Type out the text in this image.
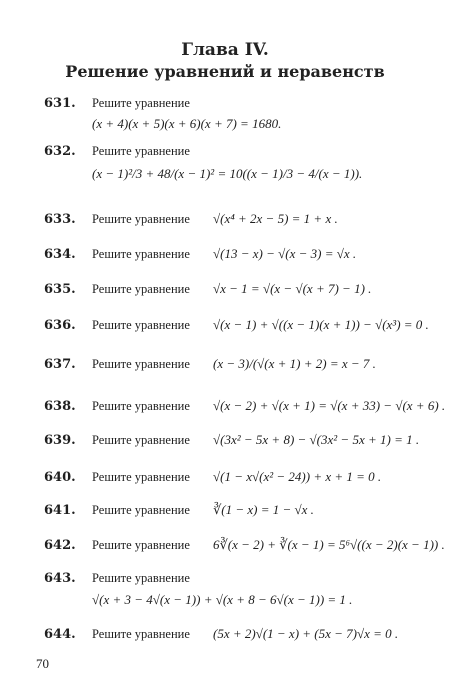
Глава IV.
Решение уравнений и неравенств
631. Решите уравнение
(x + 4)(x + 5)(x + 6)(x + 7) = 1680.
632. Решите уравнение
(x − 1)²/3 + 48/(x − 1)² = 10((x − 1)/3 − 4/(x − 1)).
633. Решите уравнение √(x⁴ + 2x − 5) = 1 + x .
634. Решите уравнение √(13 − x) − √(x − 3) = √x .
635. Решите уравнение √x − 1 = √(x − √(x + 7) − 1) .
636. Решите уравнение √(x − 1) + √((x − 1)(x + 1)) − √(x³) = 0 .
637. Решите уравнение (x − 3)/(√(x + 1) + 2) = x − 7 .
638. Решите уравнение √(x − 2) + √(x + 1) = √(x + 33) − √(x + 6) .
639. Решите уравнение √(3x² − 5x + 8) − √(3x² − 5x + 1) = 1 .
640. Решите уравнение √(1 − x√(x² − 24)) + x + 1 = 0 .
641. Решите уравнение ∛(1 − x) = 1 − √x .
642. Решите уравнение 6∛(x − 2) + ∛(x − 1) = 5⁶√((x − 2)(x − 1)) .
643. Решите уравнение
√(x + 3 − 4√(x − 1)) + √(x + 8 − 6√(x − 1)) = 1 .
644. Решите уравнение (5x + 2)√(1 − x) + (5x − 7)√x = 0 .
70
